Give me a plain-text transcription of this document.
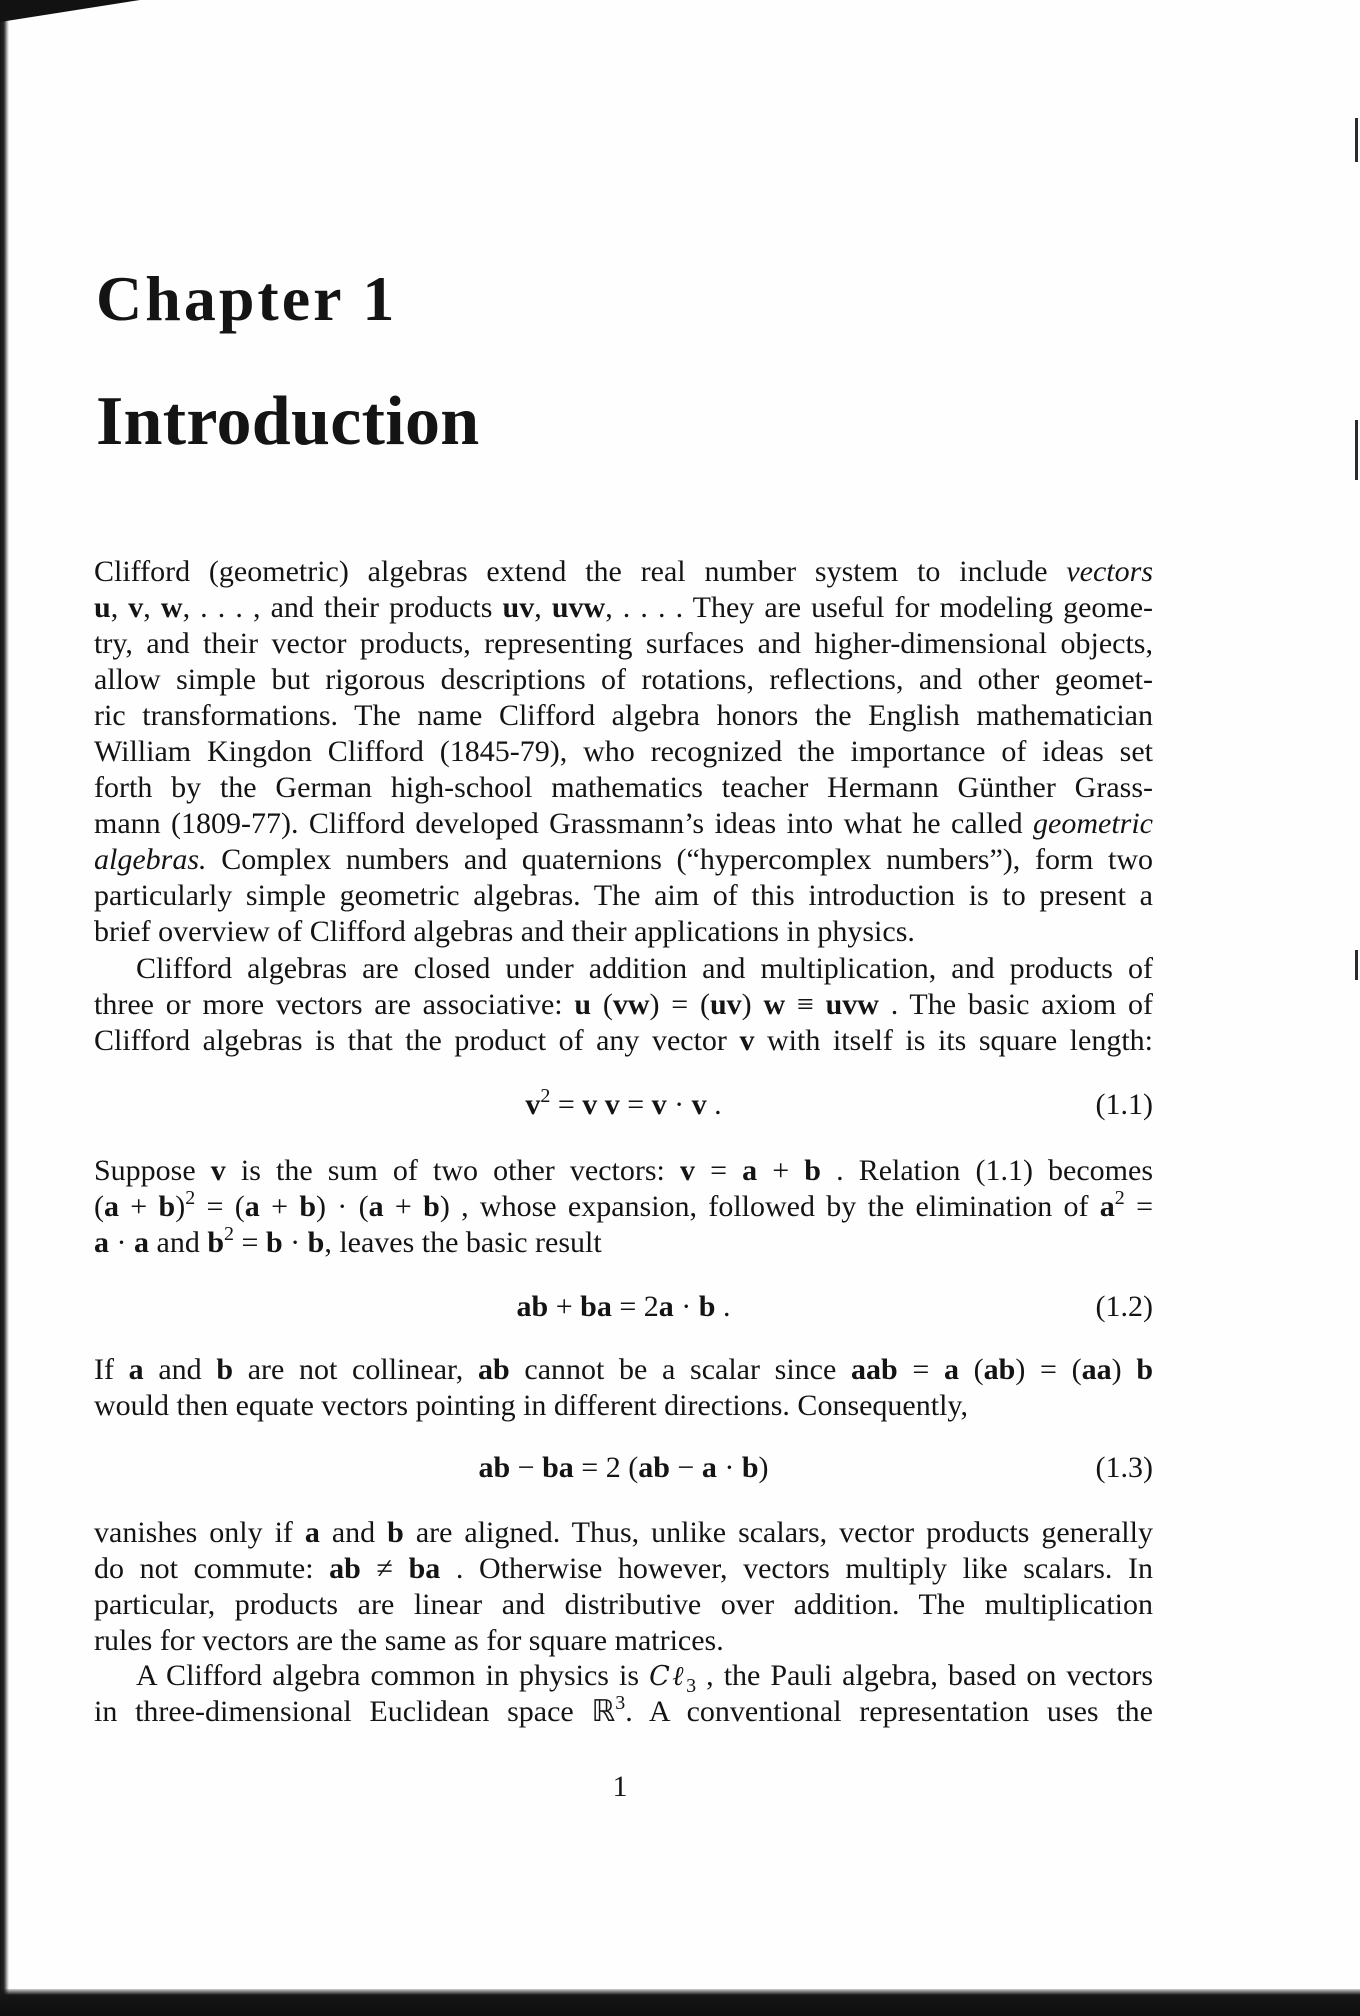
Chapter 1
Introduction
Clifford (geometric) algebras extend the real number system to include vectors
u, v, w, . . . , and their products uv, uvw, . . . . They are useful for modeling geome-
try, and their vector products, representing surfaces and higher-dimensional objects,
allow simple but rigorous descriptions of rotations, reflections, and other geomet-
ric transformations. The name Clifford algebra honors the English mathematician
William Kingdon Clifford (1845-79), who recognized the importance of ideas set
forth by the German high-school mathematics teacher Hermann Günther Grass-
mann (1809-77). Clifford developed Grassmann’s ideas into what he called geometric
algebras. Complex numbers and quaternions (“hypercomplex numbers”), form two
particularly simple geometric algebras. The aim of this introduction is to present a
brief overview of Clifford algebras and their applications in physics.
Clifford algebras are closed under addition and multiplication, and products of
three or more vectors are associative: u (vw) = (uv) w ≡ uvw . The basic axiom of
Clifford algebras is that the product of any vector v with itself is its square length:
$v^2 = v$ v = v · v .	(1.1)
Suppose v is the sum of two other vectors: v = a + b . Relation (1.1) becomes
$(a + b)^2 = (a + b) \cdot (a + b)$ , whose expansion, followed by the elimination of $a^2$ =
a · a and $b^2 = b \cdot b$, leaves the basic result
ab + ba = 2a · b .	(1.2)
If a and b are not collinear, ab cannot be a scalar since aab = a (ab) = (aa) b
would then equate vectors pointing in different directions. Consequently,
ab − ba = 2 (ab − a · b)	(1.3)
vanishes only if a and b are aligned. Thus, unlike scalars, vector products generally
do not commute: ab ≠ ba . Otherwise however, vectors multiply like scalars. In
particular, products are linear and distributive over addition. The multiplication
rules for vectors are the same as for square matrices.
A Clifford algebra common in physics is Cℓ$_3$ , the Pauli algebra, based on vectors
in three-dimensional Euclidean space ℝ$^3$. A conventional representation uses the
1
